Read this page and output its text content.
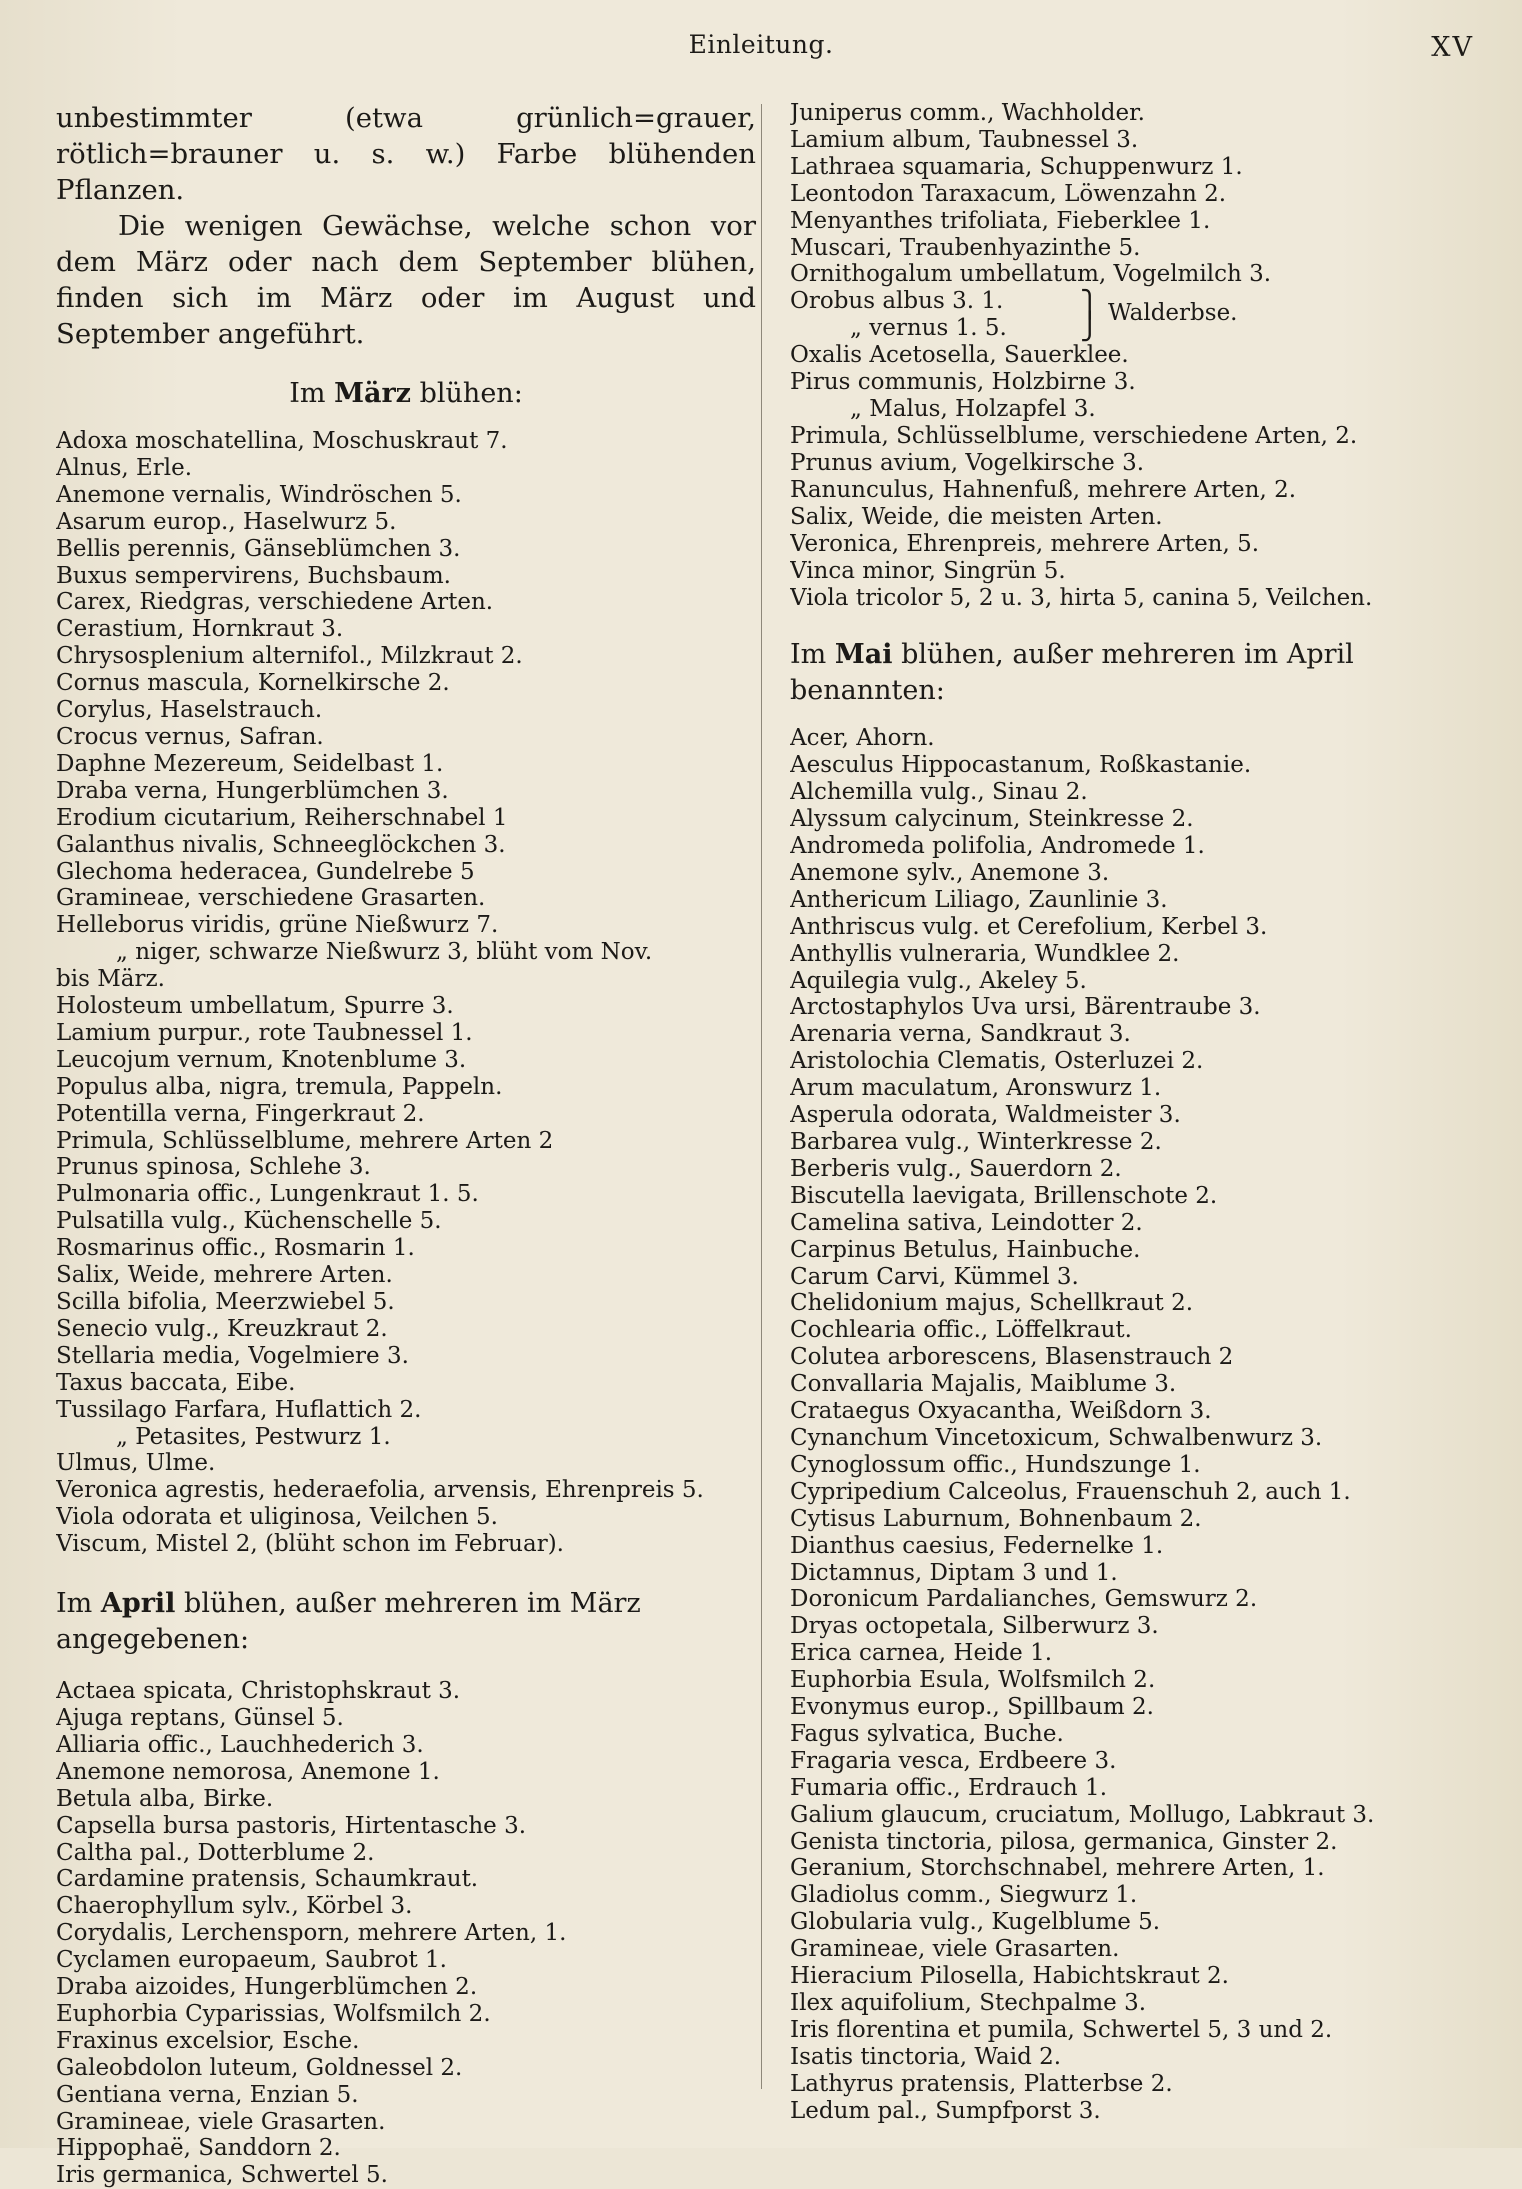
Einleitung.	XV

unbestimmter (etwa grünlich=grauer, rötlich=brauner u. s. w.) Farbe blühenden Pflanzen.

Die wenigen Gewächse, welche schon vor dem März oder nach dem September blühen, finden sich im März oder im August und September angeführt.

Im März blühen:
Adoxa moschatellina, Moschuskraut 7.
Alnus, Erle.
Anemone vernalis, Windröschen 5.
Asarum europ., Haselwurz 5.
Bellis perennis, Gänseblümchen 3.
Buxus sempervirens, Buchsbaum.
Carex, Riedgras, verschiedene Arten.
Cerastium, Hornkraut 3.
Chrysosplenium alternifol., Milzkraut 2.
Cornus mascula, Kornelkirsche 2.
Corylus, Haselstrauch.
Crocus vernus, Safran.
Daphne Mezereum, Seidelbast 1.
Draba verna, Hungerblümchen 3.
Erodium cicutarium, Reiherschnabel 1
Galanthus nivalis, Schneeglöckchen 3.
Glechoma hederacea, Gundelrebe 5
Gramineae, verschiedene Grasarten.
Helleborus viridis, grüne Nießwurz 7.
„ niger, schwarze Nießwurz 3, blüht vom Nov.
bis März.
Holosteum umbellatum, Spurre 3.
Lamium purpur., rote Taubnessel 1.
Leucojum vernum, Knotenblume 3.
Populus alba, nigra, tremula, Pappeln.
Potentilla verna, Fingerkraut 2.
Primula, Schlüsselblume, mehrere Arten 2
Prunus spinosa, Schlehe 3.
Pulmonaria offic., Lungenkraut 1. 5.
Pulsatilla vulg., Küchenschelle 5.
Rosmarinus offic., Rosmarin 1.
Salix, Weide, mehrere Arten.
Scilla bifolia, Meerzwiebel 5.
Senecio vulg., Kreuzkraut 2.
Stellaria media, Vogelmiere 3.
Taxus baccata, Eibe.
Tussilago Farfara, Huflattich 2.
„ Petasites, Pestwurz 1.
Ulmus, Ulme.
Veronica agrestis, hederaefolia, arvensis, Ehrenpreis 5.
Viola odorata et uliginosa, Veilchen 5.
Viscum, Mistel 2, (blüht schon im Februar).
Im April blühen, außer mehreren im März angegebenen:
Actaea spicata, Christophskraut 3.
Ajuga reptans, Günsel 5.
Alliaria offic., Lauchhederich 3.
Anemone nemorosa, Anemone 1.
Betula alba, Birke.
Capsella bursa pastoris, Hirtentasche 3.
Caltha pal., Dotterblume 2.
Cardamine pratensis, Schaumkraut.
Chaerophyllum sylv., Körbel 3.
Corydalis, Lerchensporn, mehrere Arten, 1.
Cyclamen europaeum, Saubrot 1.
Draba aizoides, Hungerblümchen 2.
Euphorbia Cyparissias, Wolfsmilch 2.
Fraxinus excelsior, Esche.
Galeobdolon luteum, Goldnessel 2.
Gentiana verna, Enzian 5.
Gramineae, viele Grasarten.
Hippophaë, Sanddorn 2.
Iris germanica, Schwertel 5.
Juniperus comm., Wachholder.
Lamium album, Taubnessel 3.
Lathraea squamaria, Schuppenwurz 1.
Leontodon Taraxacum, Löwenzahn 2.
Menyanthes trifoliata, Fieberklee 1.
Muscari, Traubenhyazinthe 5.
Ornithogalum umbellatum, Vogelmilch 3.
Orobus albus 3. 1.
„ vernus 1. 5.
⎫
⎭ Walderbse.
Oxalis Acetosella, Sauerklee.
Pirus communis, Holzbirne 3.
„ Malus, Holzapfel 3.
Primula, Schlüsselblume, verschiedene Arten, 2.
Prunus avium, Vogelkirsche 3.
Ranunculus, Hahnenfuß, mehrere Arten, 2.
Salix, Weide, die meisten Arten.
Veronica, Ehrenpreis, mehrere Arten, 5.
Vinca minor, Singrün 5.
Viola tricolor 5, 2 u. 3, hirta 5, canina 5, Veilchen.
Im Mai blühen, außer mehreren im April benannten:
Acer, Ahorn.
Aesculus Hippocastanum, Roßkastanie.
Alchemilla vulg., Sinau 2.
Alyssum calycinum, Steinkresse 2.
Andromeda polifolia, Andromede 1.
Anemone sylv., Anemone 3.
Anthericum Liliago, Zaunlinie 3.
Anthriscus vulg. et Cerefolium, Kerbel 3.
Anthyllis vulneraria, Wundklee 2.
Aquilegia vulg., Akeley 5.
Arctostaphylos Uva ursi, Bärentraube 3.
Arenaria verna, Sandkraut 3.
Aristolochia Clematis, Osterluzei 2.
Arum maculatum, Aronswurz 1.
Asperula odorata, Waldmeister 3.
Barbarea vulg., Winterkresse 2.
Berberis vulg., Sauerdorn 2.
Biscutella laevigata, Brillenschote 2.
Camelina sativa, Leindotter 2.
Carpinus Betulus, Hainbuche.
Carum Carvi, Kümmel 3.
Chelidonium majus, Schellkraut 2.
Cochlearia offic., Löffelkraut.
Colutea arborescens, Blasenstrauch 2
Convallaria Majalis, Maiblume 3.
Crataegus Oxyacantha, Weißdorn 3.
Cynanchum Vincetoxicum, Schwalbenwurz 3.
Cynoglossum offic., Hundszunge 1.
Cypripedium Calceolus, Frauenschuh 2, auch 1.
Cytisus Laburnum, Bohnenbaum 2.
Dianthus caesius, Federnelke 1.
Dictamnus, Diptam 3 und 1.
Doronicum Pardalianches, Gemswurz 2.
Dryas octopetala, Silberwurz 3.
Erica carnea, Heide 1.
Euphorbia Esula, Wolfsmilch 2.
Evonymus europ., Spillbaum 2.
Fagus sylvatica, Buche.
Fragaria vesca, Erdbeere 3.
Fumaria offic., Erdrauch 1.
Galium glaucum, cruciatum, Mollugo, Labkraut 3.
Genista tinctoria, pilosa, germanica, Ginster 2.
Geranium, Storchschnabel, mehrere Arten, 1.
Gladiolus comm., Siegwurz 1.
Globularia vulg., Kugelblume 5.
Gramineae, viele Grasarten.
Hieracium Pilosella, Habichtskraut 2.
Ilex aquifolium, Stechpalme 3.
Iris florentina et pumila, Schwertel 5, 3 und 2.
Isatis tinctoria, Waid 2.
Lathyrus pratensis, Platterbse 2.
Ledum pal., Sumpfporst 3.
